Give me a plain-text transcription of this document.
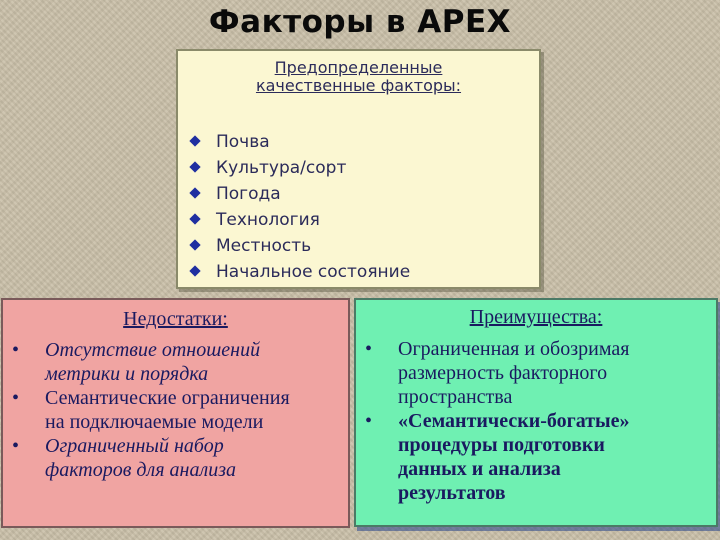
Факторы в APEX
Предопределенные
качественные факторы:
Почва
Культура/сорт
Погода
Технология
Местность
Начальное состояние
Недостатки:
• Отсутствие отношений
метрики и порядка
• Семантические ограничения
на подключаемые модели
• Ограниченный набор
факторов для анализа
Преимущества:
• Ограниченная и обозримая
размерность факторного
пространства
• «Семантически-богатые»
процедуры подготовки
данных и анализа
результатов
